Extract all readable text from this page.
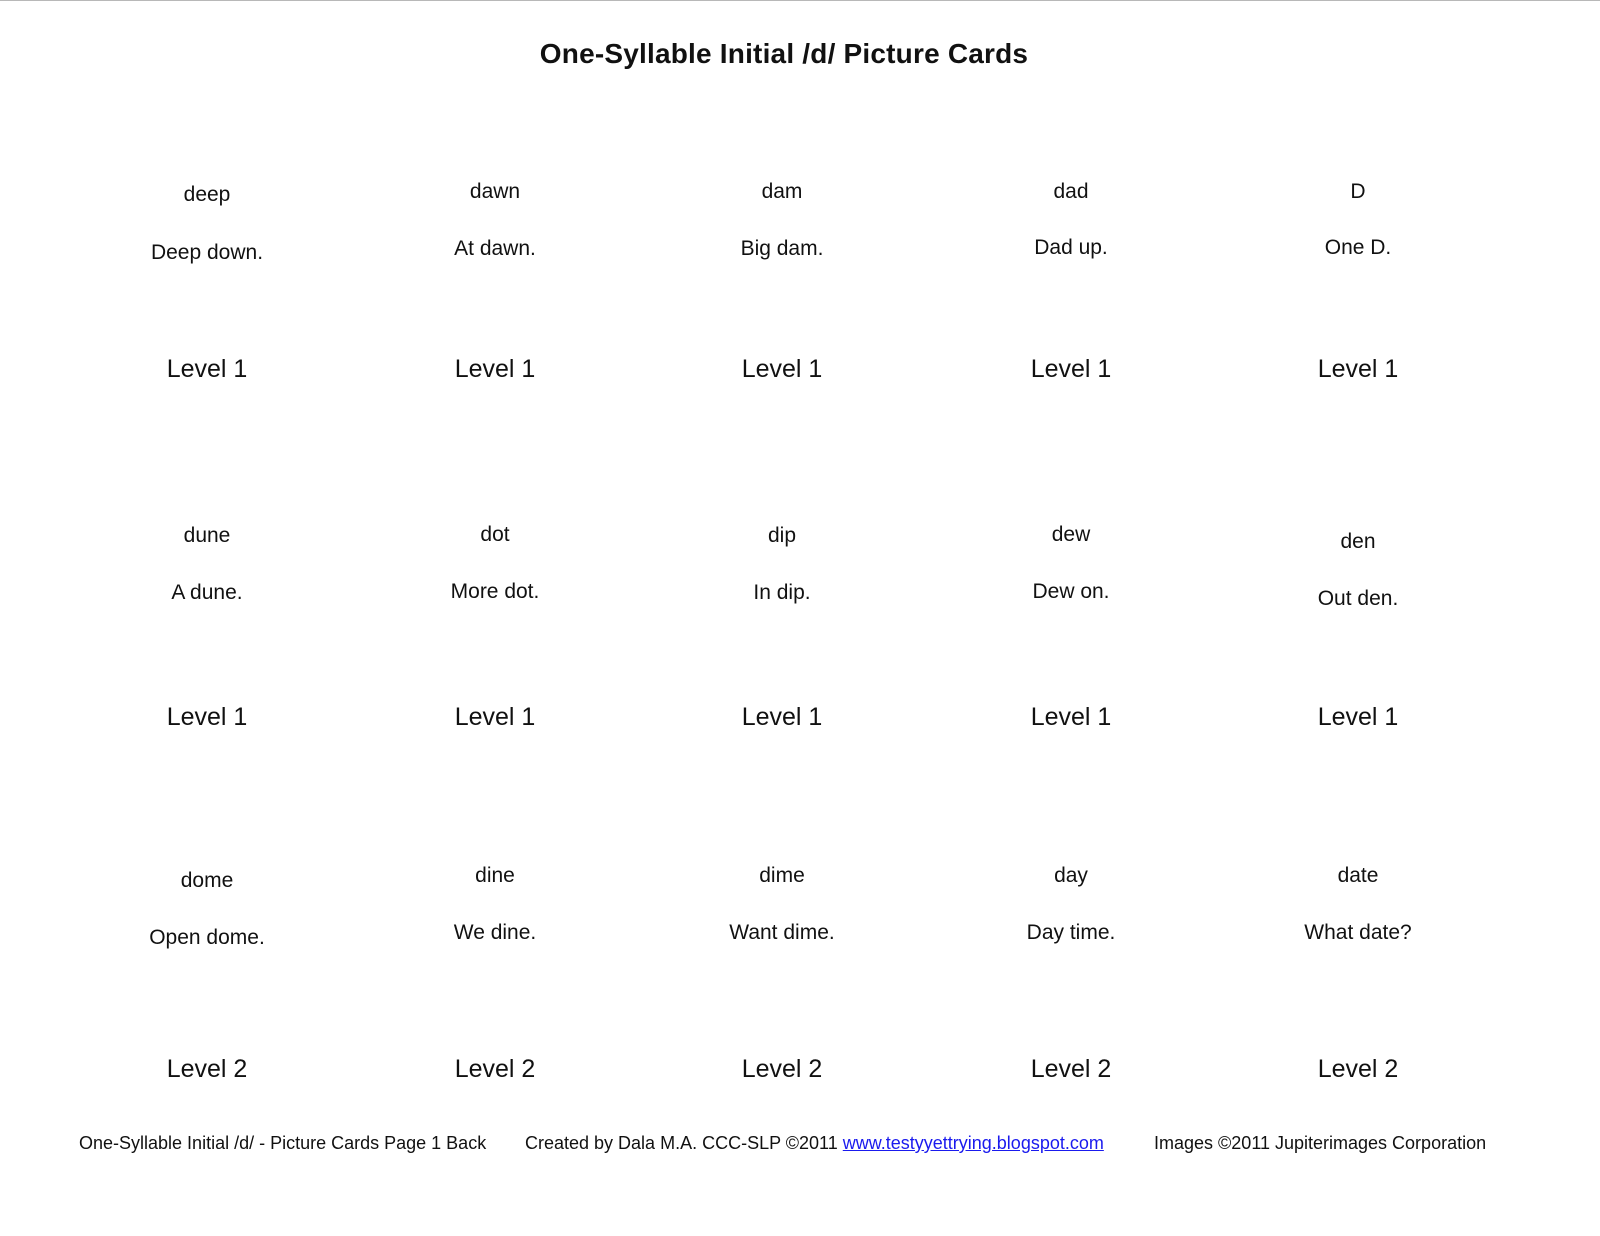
One-Syllable Initial /d/ Picture Cards
deep
Deep down.
Level 1
dawn
At dawn.
Level 1
dam
Big dam.
Level 1
dad
Dad up.
Level 1
D
One D.
Level 1
dune
A dune.
Level 1
dot
More dot.
Level 1
dip
In dip.
Level 1
dew
Dew on.
Level 1
den
Out den.
Level 1
dome
Open dome.
Level 2
dine
We dine.
Level 2
dime
Want dime.
Level 2
day
Day time.
Level 2
date
What date?
Level 2
One-Syllable Initial /d/ - Picture Cards Page 1 Back Created by Dala M.A. CCC-SLP ©2011 www.testyyettrying.blogspot.com	Images ©2011 Jupiterimages Corporation
